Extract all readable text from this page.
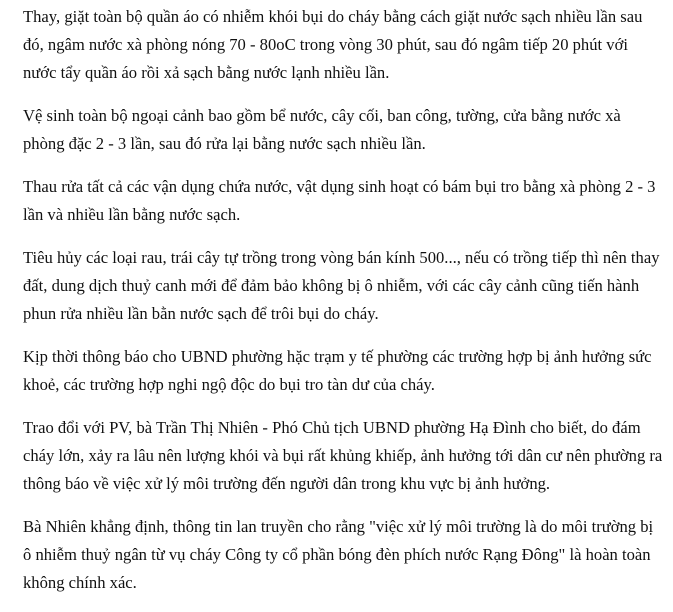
Thay, giặt toàn bộ quần áo có nhiễm khói bụi do cháy bằng cách giặt nước sạch nhiều lần sau đó, ngâm nước xà phòng nóng 70 - 80oC trong vòng 30 phút, sau đó ngâm tiếp 20 phút với nước tẩy quần áo rồi xả sạch bằng nước lạnh nhiều lần.

Vệ sinh toàn bộ ngoại cảnh bao gồm bể nước, cây cối, ban công, tường, cửa bằng nước xà phòng đặc 2 - 3 lần, sau đó rửa lại bằng nước sạch nhiều lần.

Thau rửa tất cả các vận dụng chứa nước, vật dụng sinh hoạt có bám bụi tro bằng xà phòng 2 - 3 lần và nhiều lần bằng nước sạch.

Tiêu hủy các loại rau, trái cây tự trồng trong vòng bán kính 500..., nếu có trồng tiếp thì nên thay đất, dung dịch thuỷ canh mới để đảm bảo không bị ô nhiễm, với các cây cảnh cũng tiến hành phun rửa nhiều lần bằn nước sạch để trôi bụi do cháy.

Kịp thời thông báo cho UBND phường hặc trạm y tế phường các trường hợp bị ảnh hưởng sức khoẻ, các trường hợp nghi ngộ độc do bụi tro tàn dư của cháy.

Trao đổi với PV, bà Trần Thị Nhiên - Phó Chủ tịch UBND phường Hạ Đình cho biết, do đám cháy lớn, xảy ra lâu nên lượng khói và bụi rất khủng khiếp, ảnh hưởng tới dân cư nên phường ra thông báo về việc xử lý môi trường đến người dân trong khu vực bị ảnh hưởng.

Bà Nhiên khẳng định, thông tin lan truyền cho rằng "việc xử lý môi trường là do môi trường bị ô nhiễm thuỷ ngân từ vụ cháy Công ty cổ phần bóng đèn phích nước Rạng Đông" là hoàn toàn không chính xác.
